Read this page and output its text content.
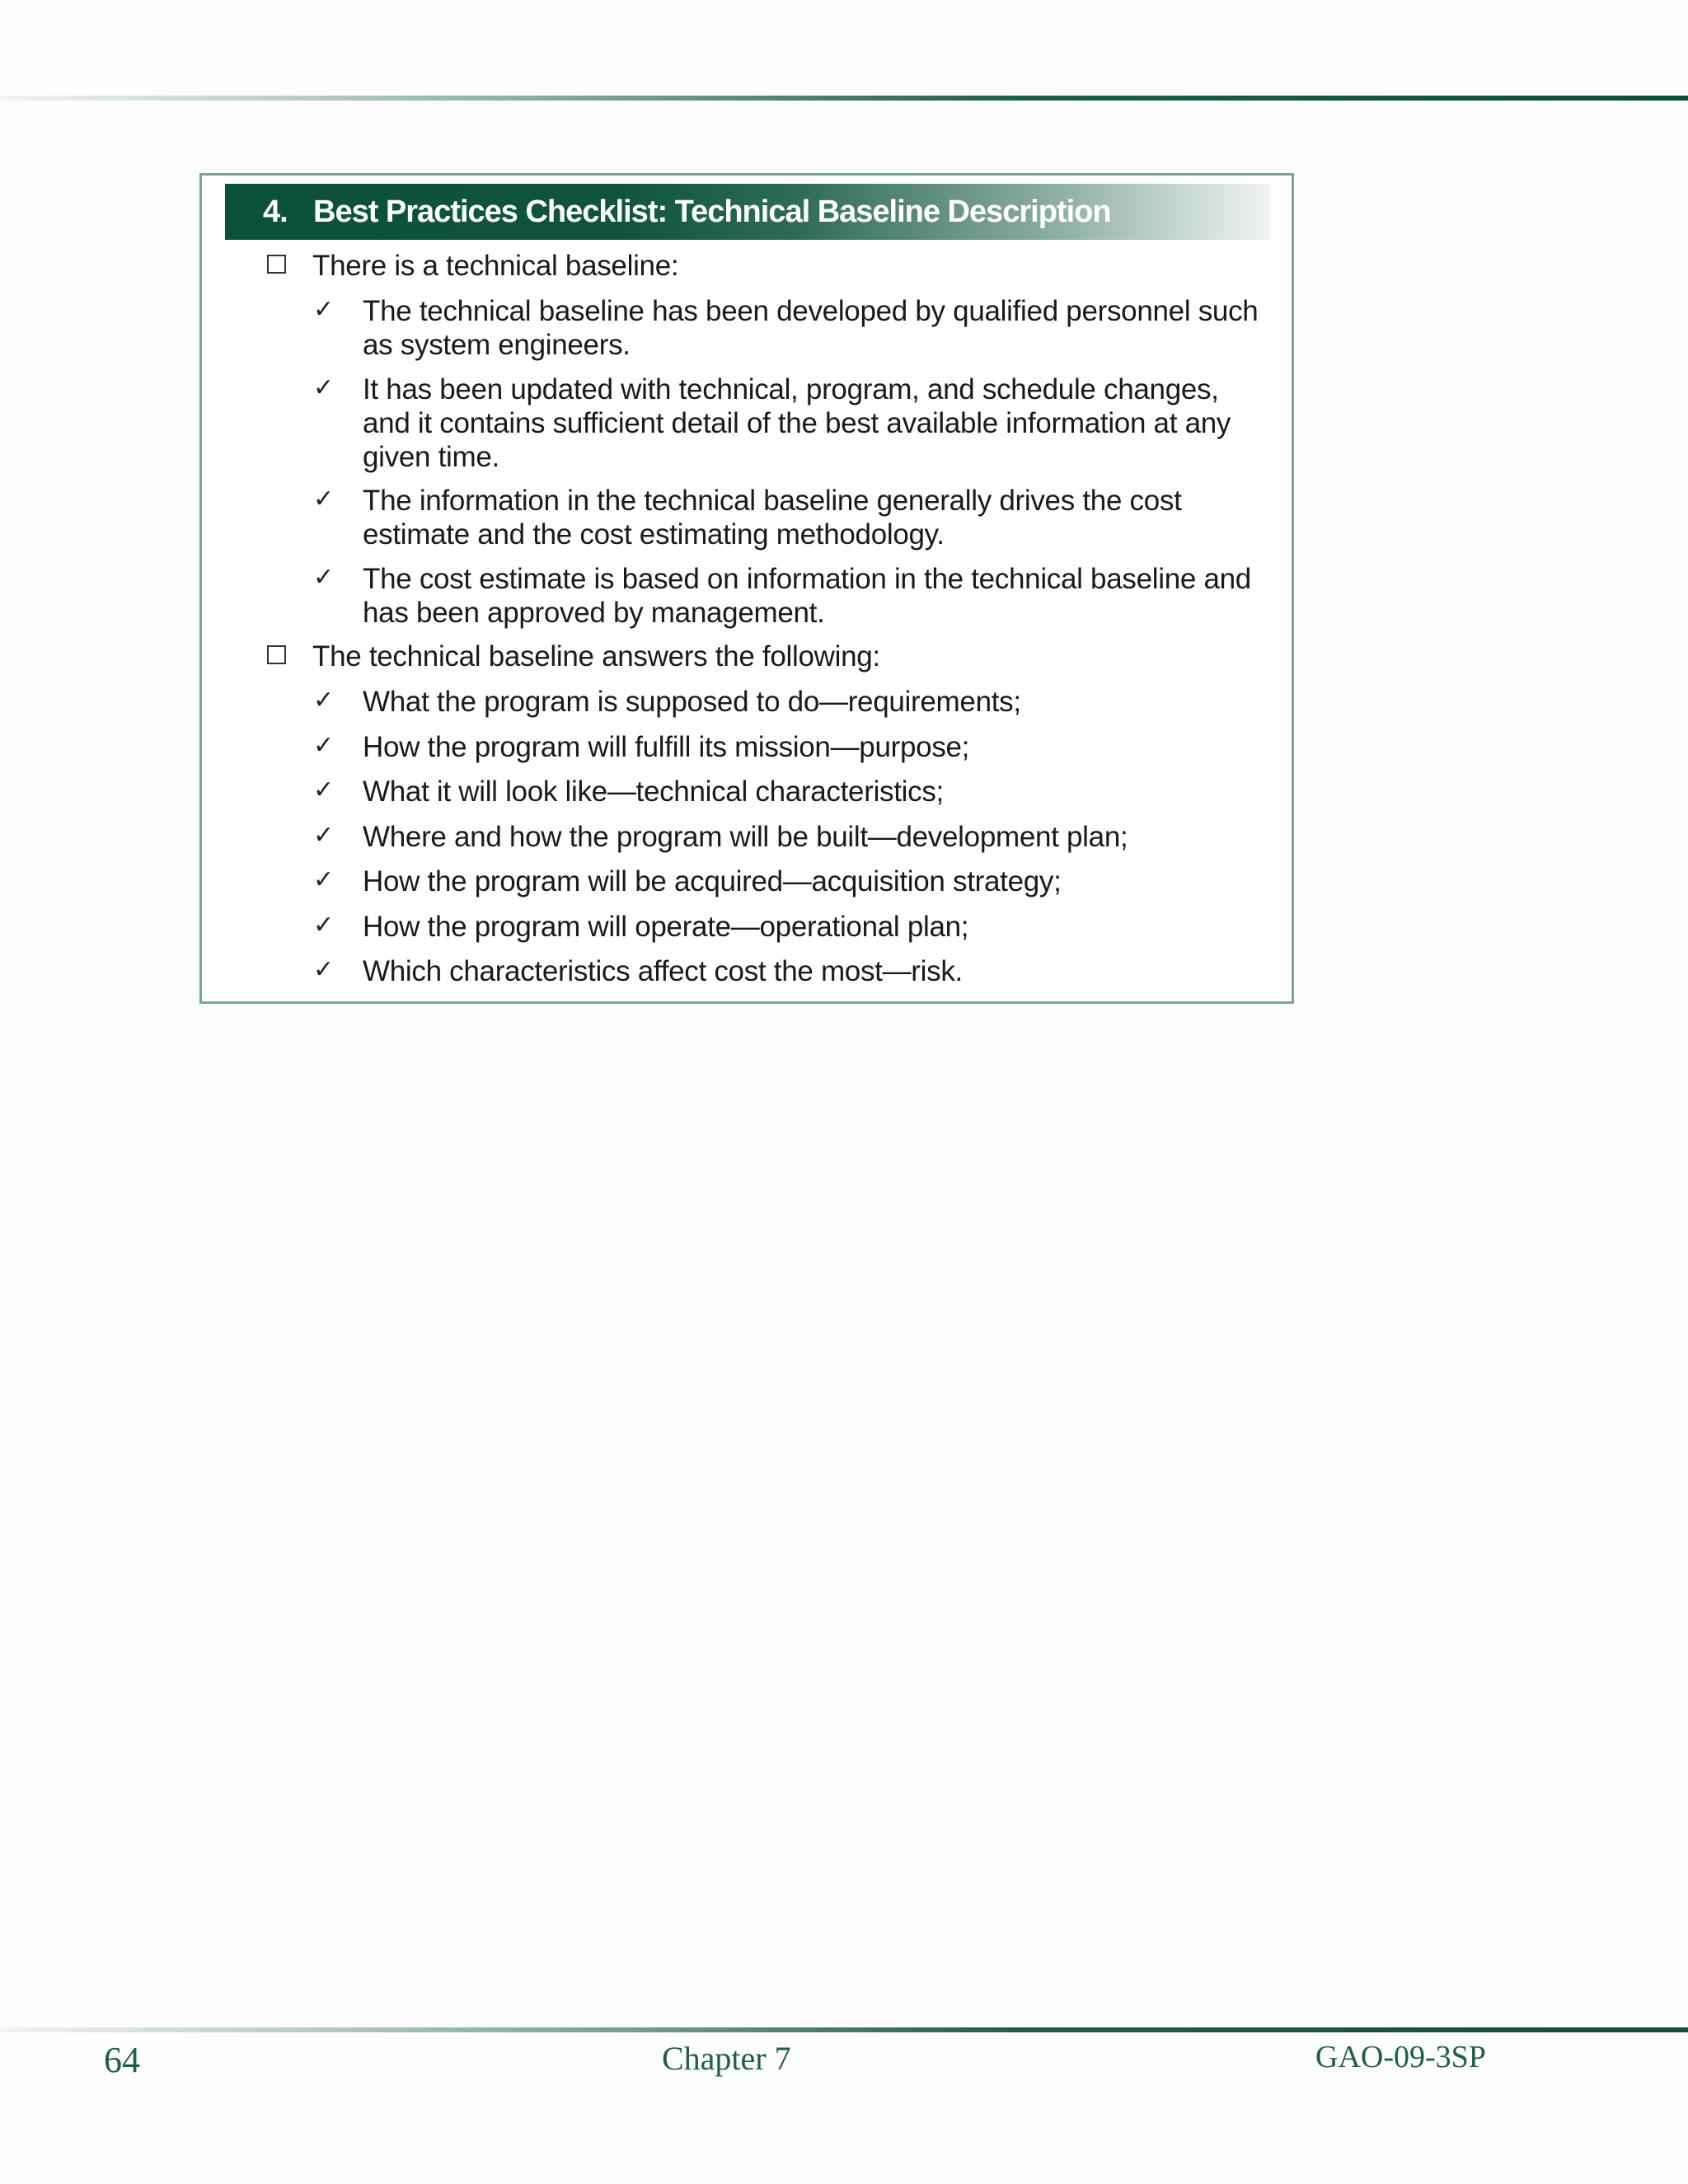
4. Best Practices Checklist: Technical Baseline Description
There is a technical baseline:
✓ The technical baseline has been developed by qualified personnel such
as system engineers.
✓ It has been updated with technical, program, and schedule changes,
and it contains sufficient detail of the best available information at any
given time.
✓ The information in the technical baseline generally drives the cost
estimate and the cost estimating methodology.
✓ The cost estimate is based on information in the technical baseline and
has been approved by management.
The technical baseline answers the following:
✓ What the program is supposed to do—requirements;
✓ How the program will fulfill its mission—purpose;
✓ What it will look like—technical characteristics;
✓ Where and how the program will be built—development plan;
✓ How the program will be acquired—acquisition strategy;
✓ How the program will operate—operational plan;
✓ Which characteristics affect cost the most—risk.
64	Chapter 7	GAO-09-3SP
